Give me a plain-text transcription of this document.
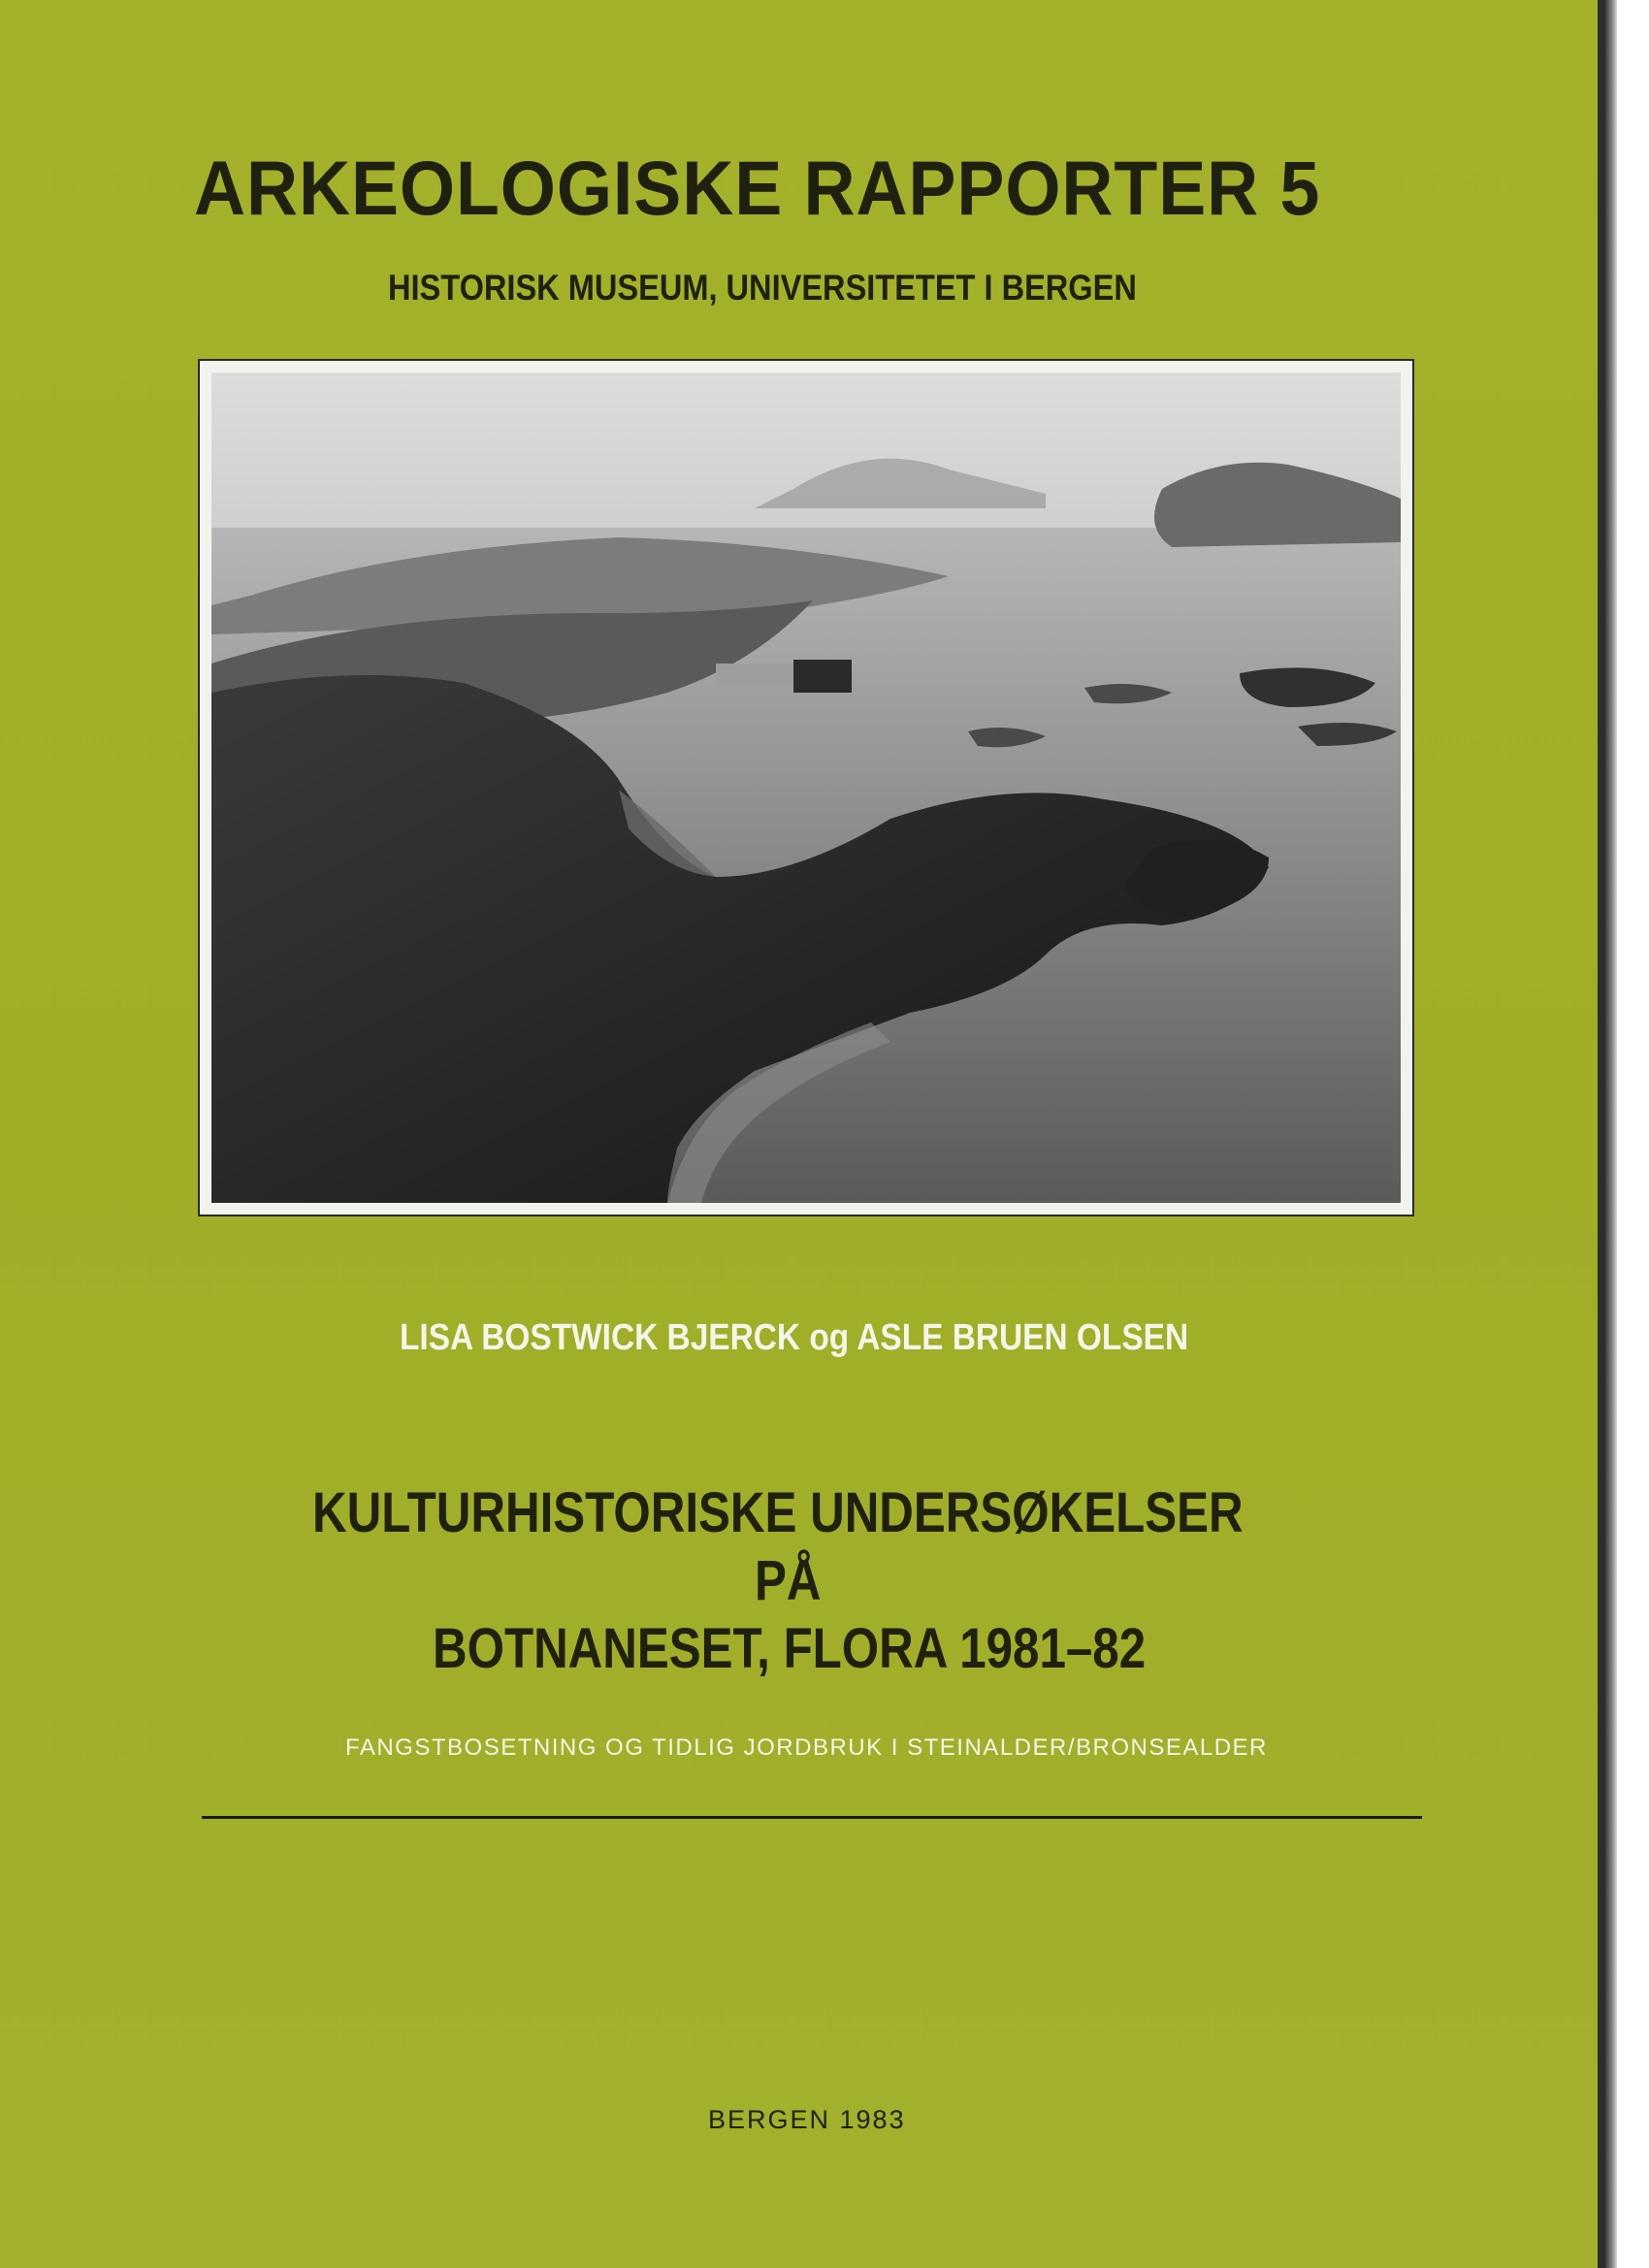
ARKEOLOGISKE RAPPORTER 5
HISTORISK MUSEUM, UNIVERSITETET I BERGEN
LISA BOSTWICK BJERCK og ASLE BRUEN OLSEN
KULTURHISTORISKE UNDERSØKELSER
PÅ
BOTNANESET, FLORA 1981–82
FANGSTBOSETNING OG TIDLIG JORDBRUK I STEINALDER/BRONSEALDER
BERGEN 1983
